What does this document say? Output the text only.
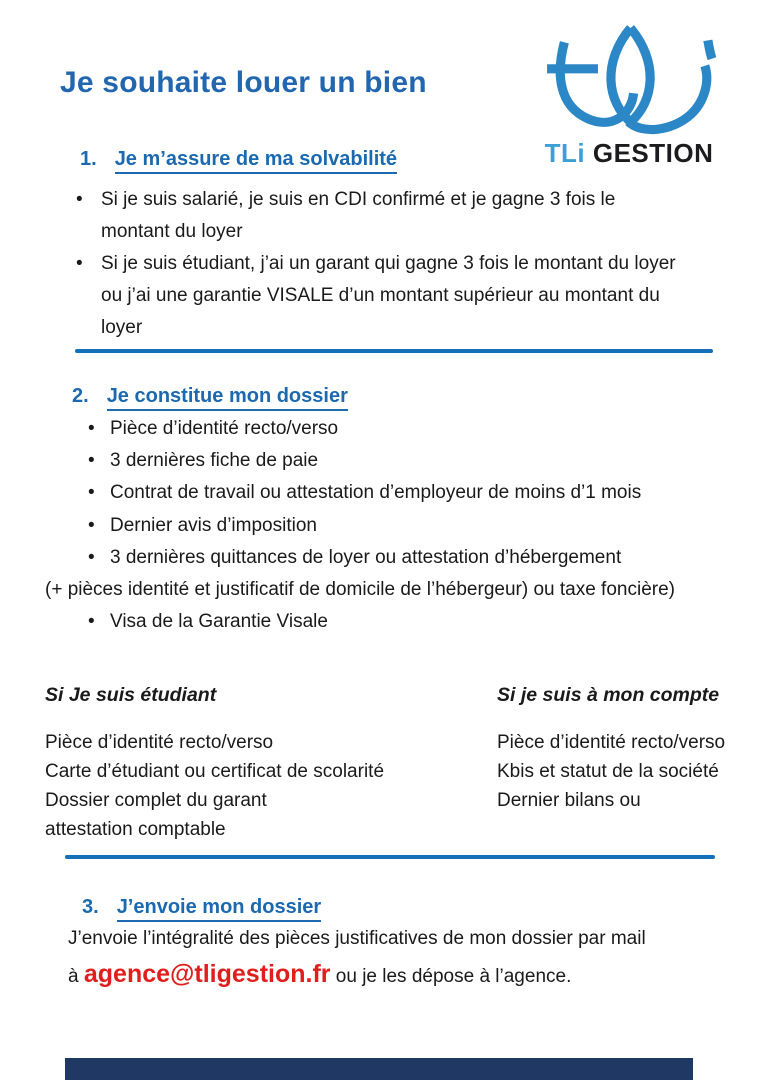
Je souhaite louer un bien
TLi GESTION
1. Je m’assure de ma solvabilité
• Si je suis salarié, je suis en CDI confirmé et je gagne 3 fois le montant du loyer
• Si je suis étudiant, j’ai un garant qui gagne 3 fois le montant du loyer ou j’ai une garantie VISALE d’un montant supérieur au montant du loyer
2. Je constitue mon dossier
• Pièce d’identité recto/verso
• 3 dernières fiche de paie
• Contrat de travail ou attestation d’employeur de moins d’1 mois
• Dernier avis d’imposition
• 3 dernières quittances de loyer ou attestation d’hébergement
(+ pièces identité et justificatif de domicile de l’hébergeur) ou taxe foncière)
• Visa de la Garantie Visale

Si Je suis étudiant

Pièce d’identité recto/verso
Carte d’étudiant ou certificat de scolarité
Dossier complet du garant
attestation comptable

Si je suis à mon compte

Pièce d’identité recto/verso
Kbis et statut de la société
Dernier bilans ou
3. J’envoie mon dossier
J’envoie l’intégralité des pièces justificatives de mon dossier par mail
à agence@tligestion.fr ou je les dépose à l’agence.
